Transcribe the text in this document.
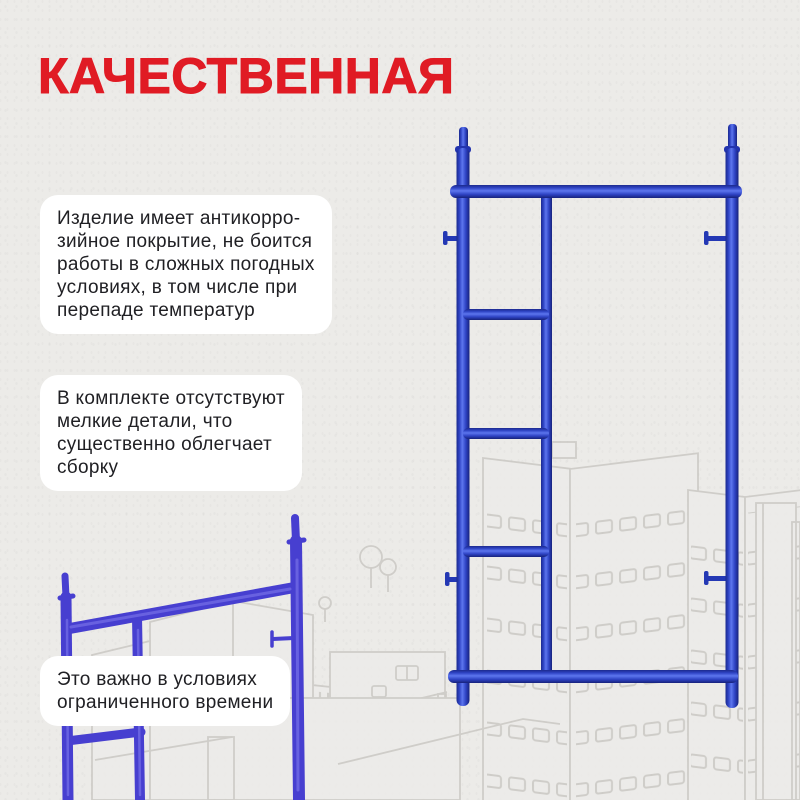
КАЧЕСТВЕННАЯ
Изделие имеет антикорро-
зийное покрытие, не боится
работы в сложных погодных
условиях, в том числе при
перепаде температур
В комплекте отсутствуют
мелкие детали, что
существенно облегчает
сборку
Это важно в условиях
ограниченного времени
